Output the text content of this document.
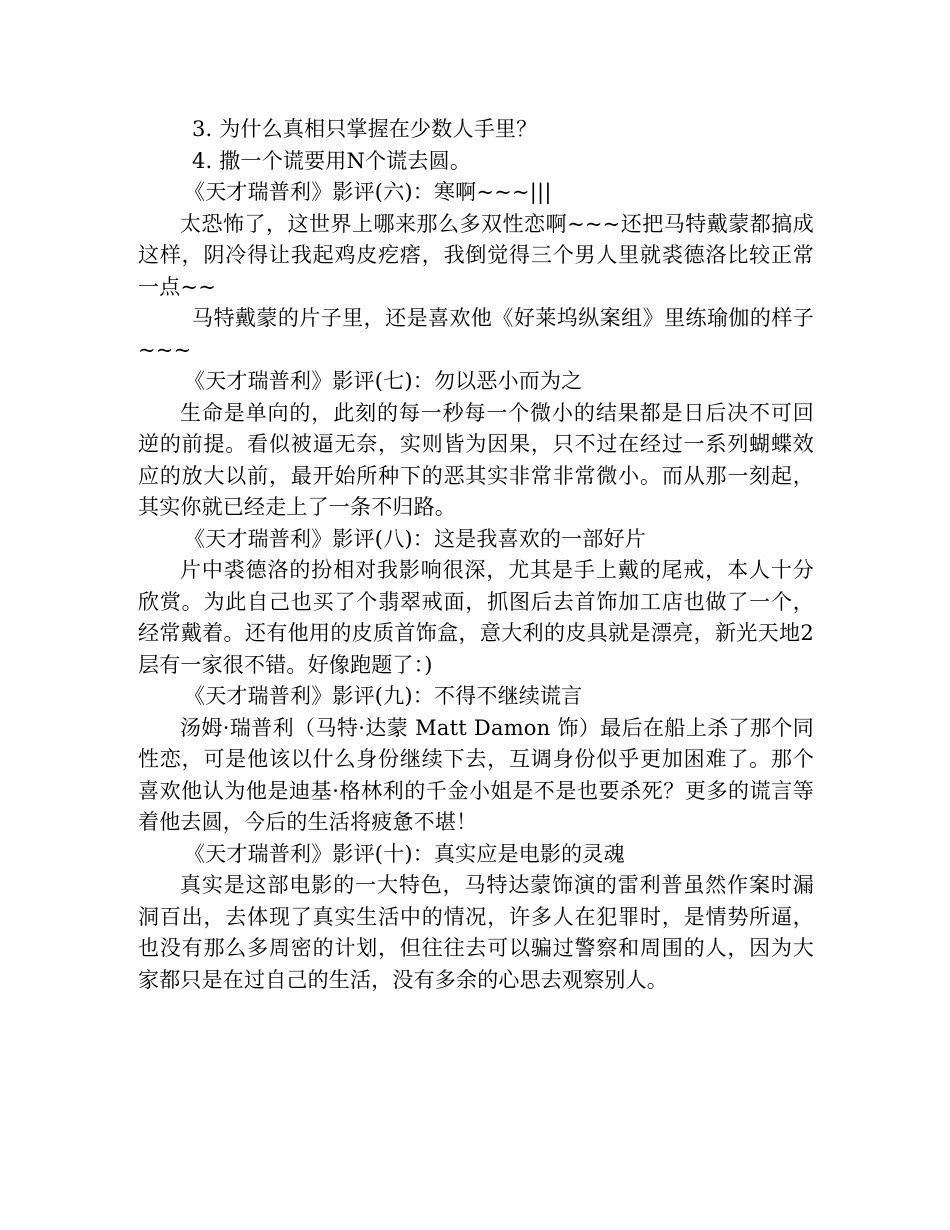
3. 为什么真相只掌握在少数人手里？

4. 撒一个谎要用N个谎去圆。

《天才瑞普利》影评(六)：寒啊~~~|||

太恐怖了，这世界上哪来那么多双性恋啊~~~还把马特戴蒙都搞成这样，阴冷得让我起鸡皮疙瘩，我倒觉得三个男人里就裘德洛比较正常一点~~

马特戴蒙的片子里，还是喜欢他《好莱坞纵案组》里练瑜伽的样子~~~

《天才瑞普利》影评(七)：勿以恶小而为之

生命是单向的，此刻的每一秒每一个微小的结果都是日后决不可回逆的前提。看似被逼无奈，实则皆为因果，只不过在经过一系列蝴蝶效应的放大以前，最开始所种下的恶其实非常非常微小。而从那一刻起，其实你就已经走上了一条不归路。

《天才瑞普利》影评(八)：这是我喜欢的一部好片

片中裘德洛的扮相对我影响很深，尤其是手上戴的尾戒，本人十分欣赏。为此自己也买了个翡翠戒面，抓图后去首饰加工店也做了一个，经常戴着。还有他用的皮质首饰盒，意大利的皮具就是漂亮，新光天地2层有一家很不错。好像跑题了：)

《天才瑞普利》影评(九)：不得不继续谎言

汤姆·瑞普利（马特·达蒙 Matt Damon 饰）最后在船上杀了那个同性恋，可是他该以什么身份继续下去，互调身份似乎更加困难了。那个喜欢他认为他是迪基·格林利的千金小姐是不是也要杀死？更多的谎言等着他去圆，今后的生活将疲惫不堪！

《天才瑞普利》影评(十)：真实应是电影的灵魂

真实是这部电影的一大特色，马特达蒙饰演的雷利普虽然作案时漏洞百出，去体现了真实生活中的情况，许多人在犯罪时，是情势所逼，也没有那么多周密的计划，但往往去可以骗过警察和周围的人，因为大家都只是在过自己的生活，没有多余的心思去观察别人。
